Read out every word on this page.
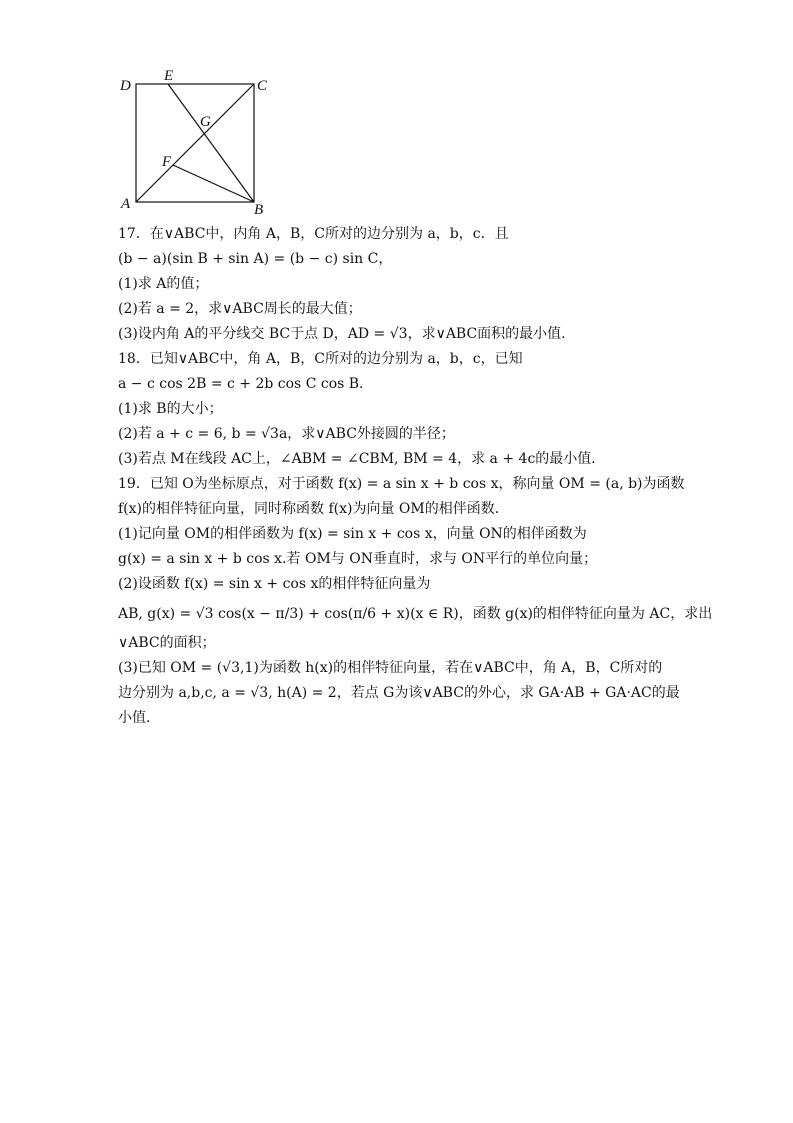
D
E
C
G
F
A	B
17．在∨ABC中，内角 A，B，C所对的边分别为 a，b，c．且
(b − a)(sin B + sin A) = (b − c) sin C，
(1)求 A的值；
(2)若 a = 2，求∨ABC周长的最大值；
(3)设内角 A的平分线交 BC于点 D，AD = √3，求∨ABC面积的最小值.
18．已知∨ABC中，角 A，B，C所对的边分别为 a，b，c，已知
a − c cos 2B = c + 2b cos C cos B．
(1)求 B的大小；
(2)若 a + c = 6, b = √3a，求∨ABC外接圆的半径；
(3)若点 M在线段 AC上，∠ABM = ∠CBM, BM = 4，求 a + 4c的最小值．
19．已知 O为坐标原点，对于函数 f(x) = a sin x + b cos x，称向量 OM = (a, b)为函数
f(x)的相伴特征向量，同时称函数 f(x)为向量 OM的相伴函数．
(1)记向量 OM的相伴函数为 f(x) = sin x + cos x，向量 ON的相伴函数为
g(x) = a sin x + b cos x.若 OM与 ON垂直时，求与 ON平行的单位向量；
(2)设函数 f(x) = sin x + cos x的相伴特征向量为
AB, g(x) = √3 cos(x − π/3) + cos(π/6 + x)(x ∈ R)，函数 g(x)的相伴特征向量为 AC，求出
∨ABC的面积；
(3)已知 OM = (√3,1)为函数 h(x)的相伴特征向量，若在∨ABC中，角 A，B，C所对的
边分别为 a,b,c, a = √3, h(A) = 2，若点 G为该∨ABC的外心，求 GA·AB + GA·AC的最
小值.
